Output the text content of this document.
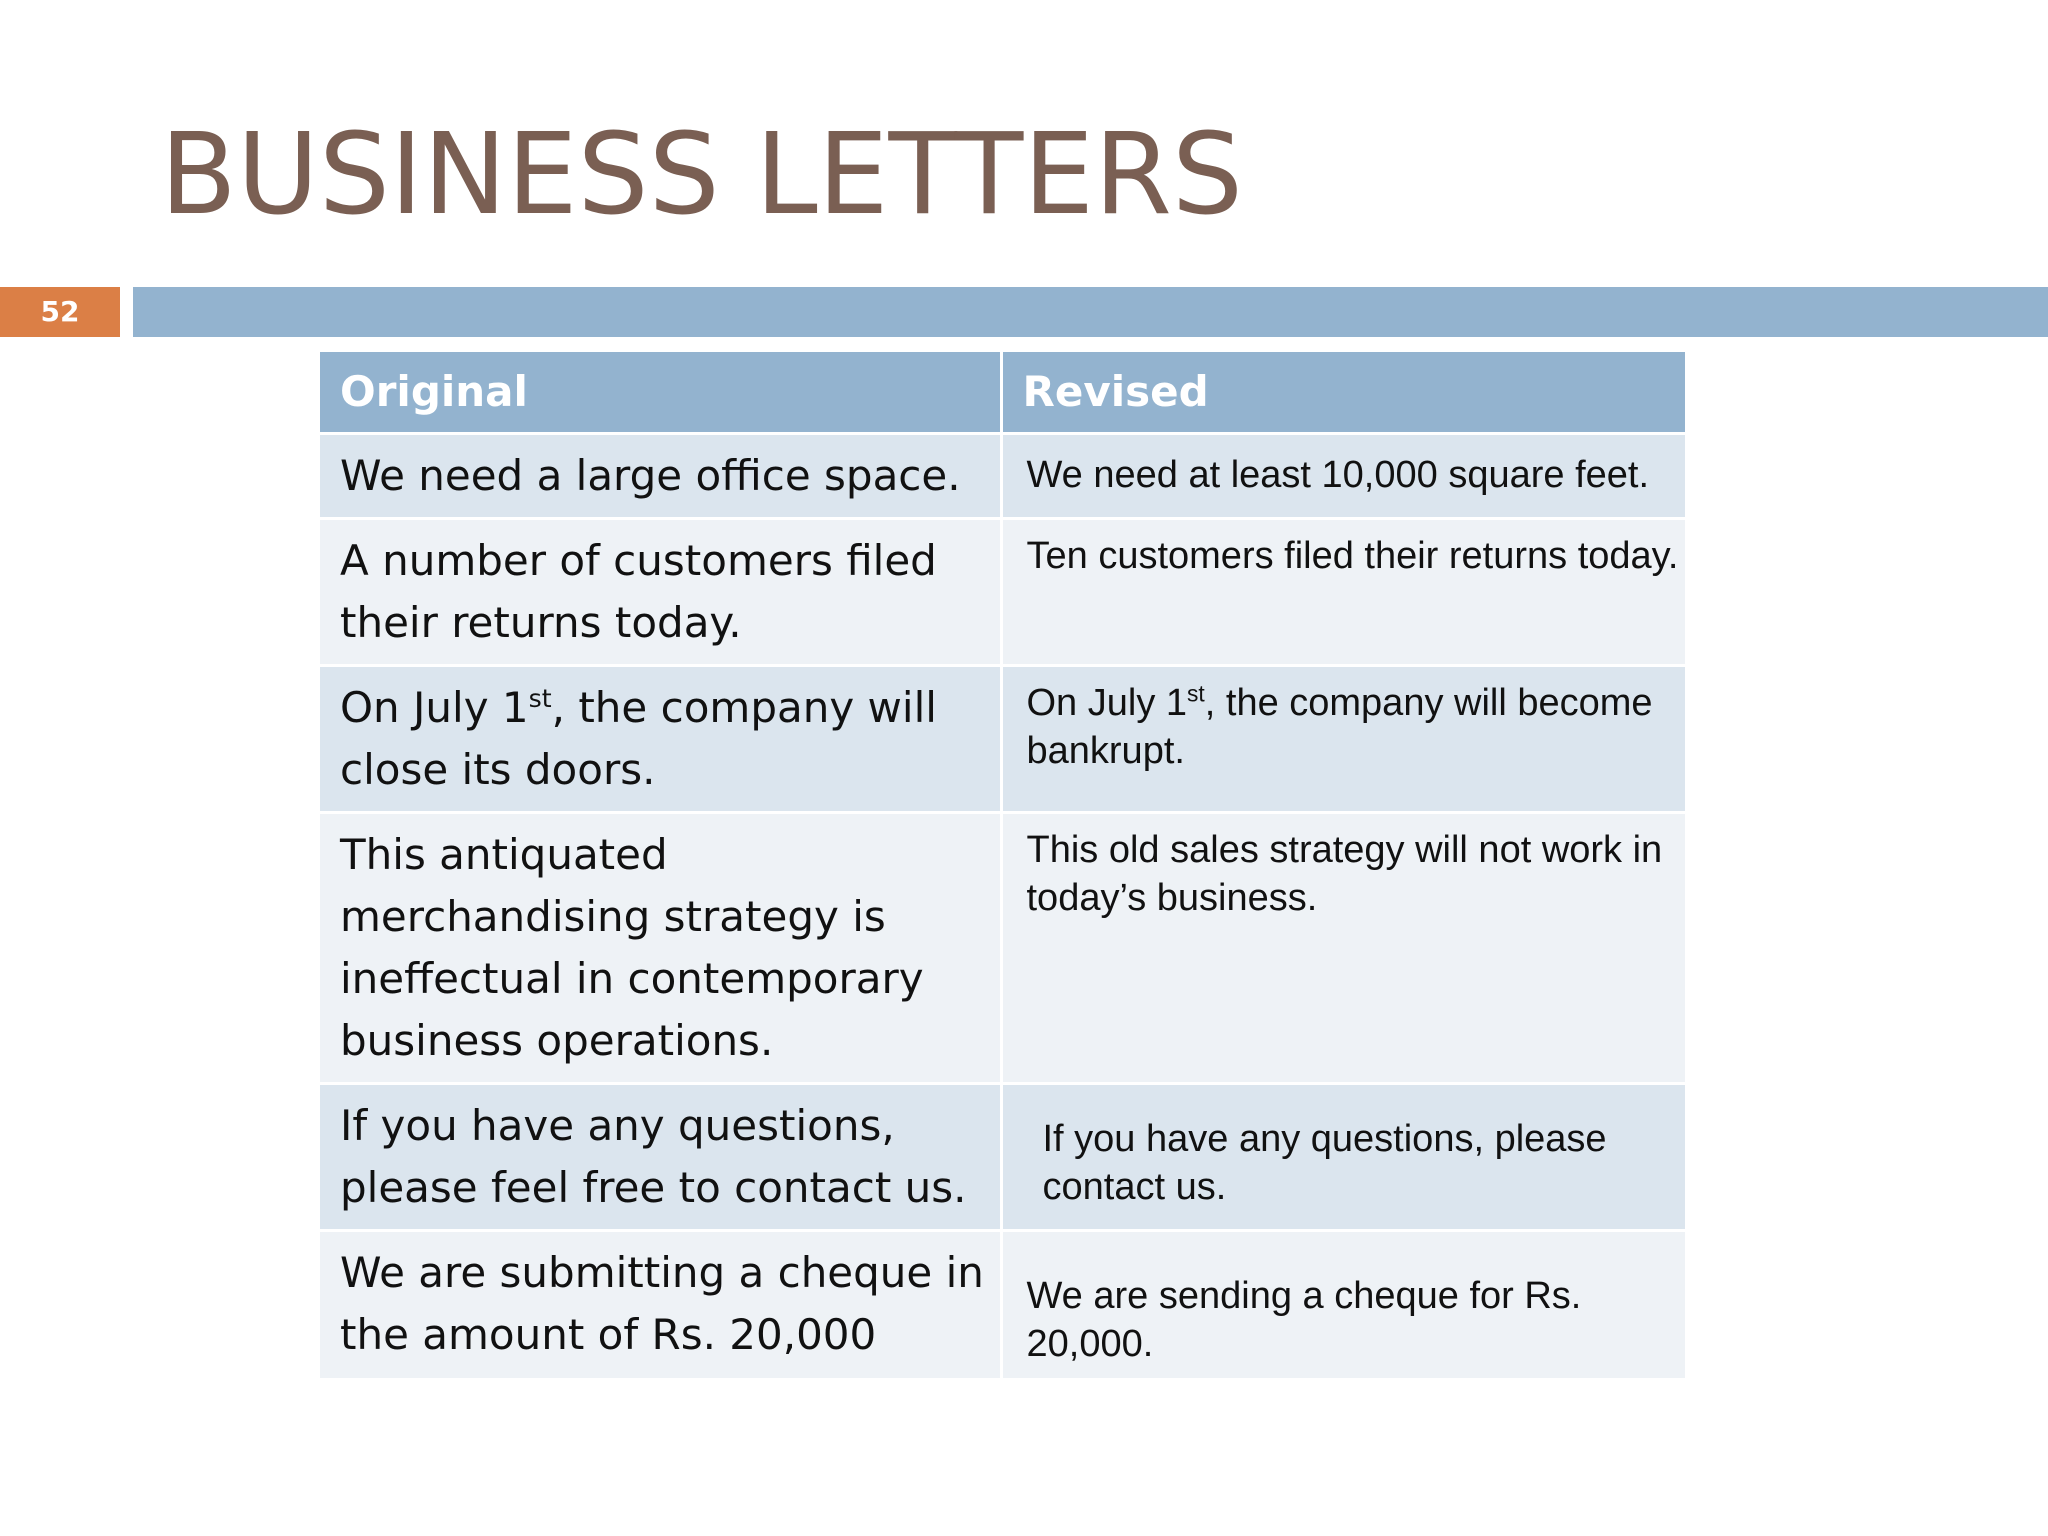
BUSINESS LETTERS
52
Original	Revised

We need a large office space.	We need at least 10,000 square feet.

A number of customers filed their returns today.	Ten customers filed their returns today.

On July 1st, the company will close its doors.	On July 1st, the company will become bankrupt.

This antiquated merchandising strategy is ineffectual in contemporary business operations.	This old sales strategy will not work in today’s business.

If you have any questions, please feel free to contact us.	If you have any questions, please contact us.

We are submitting a cheque in the amount of Rs. 20,000	We are sending a cheque for Rs. 20,000.
